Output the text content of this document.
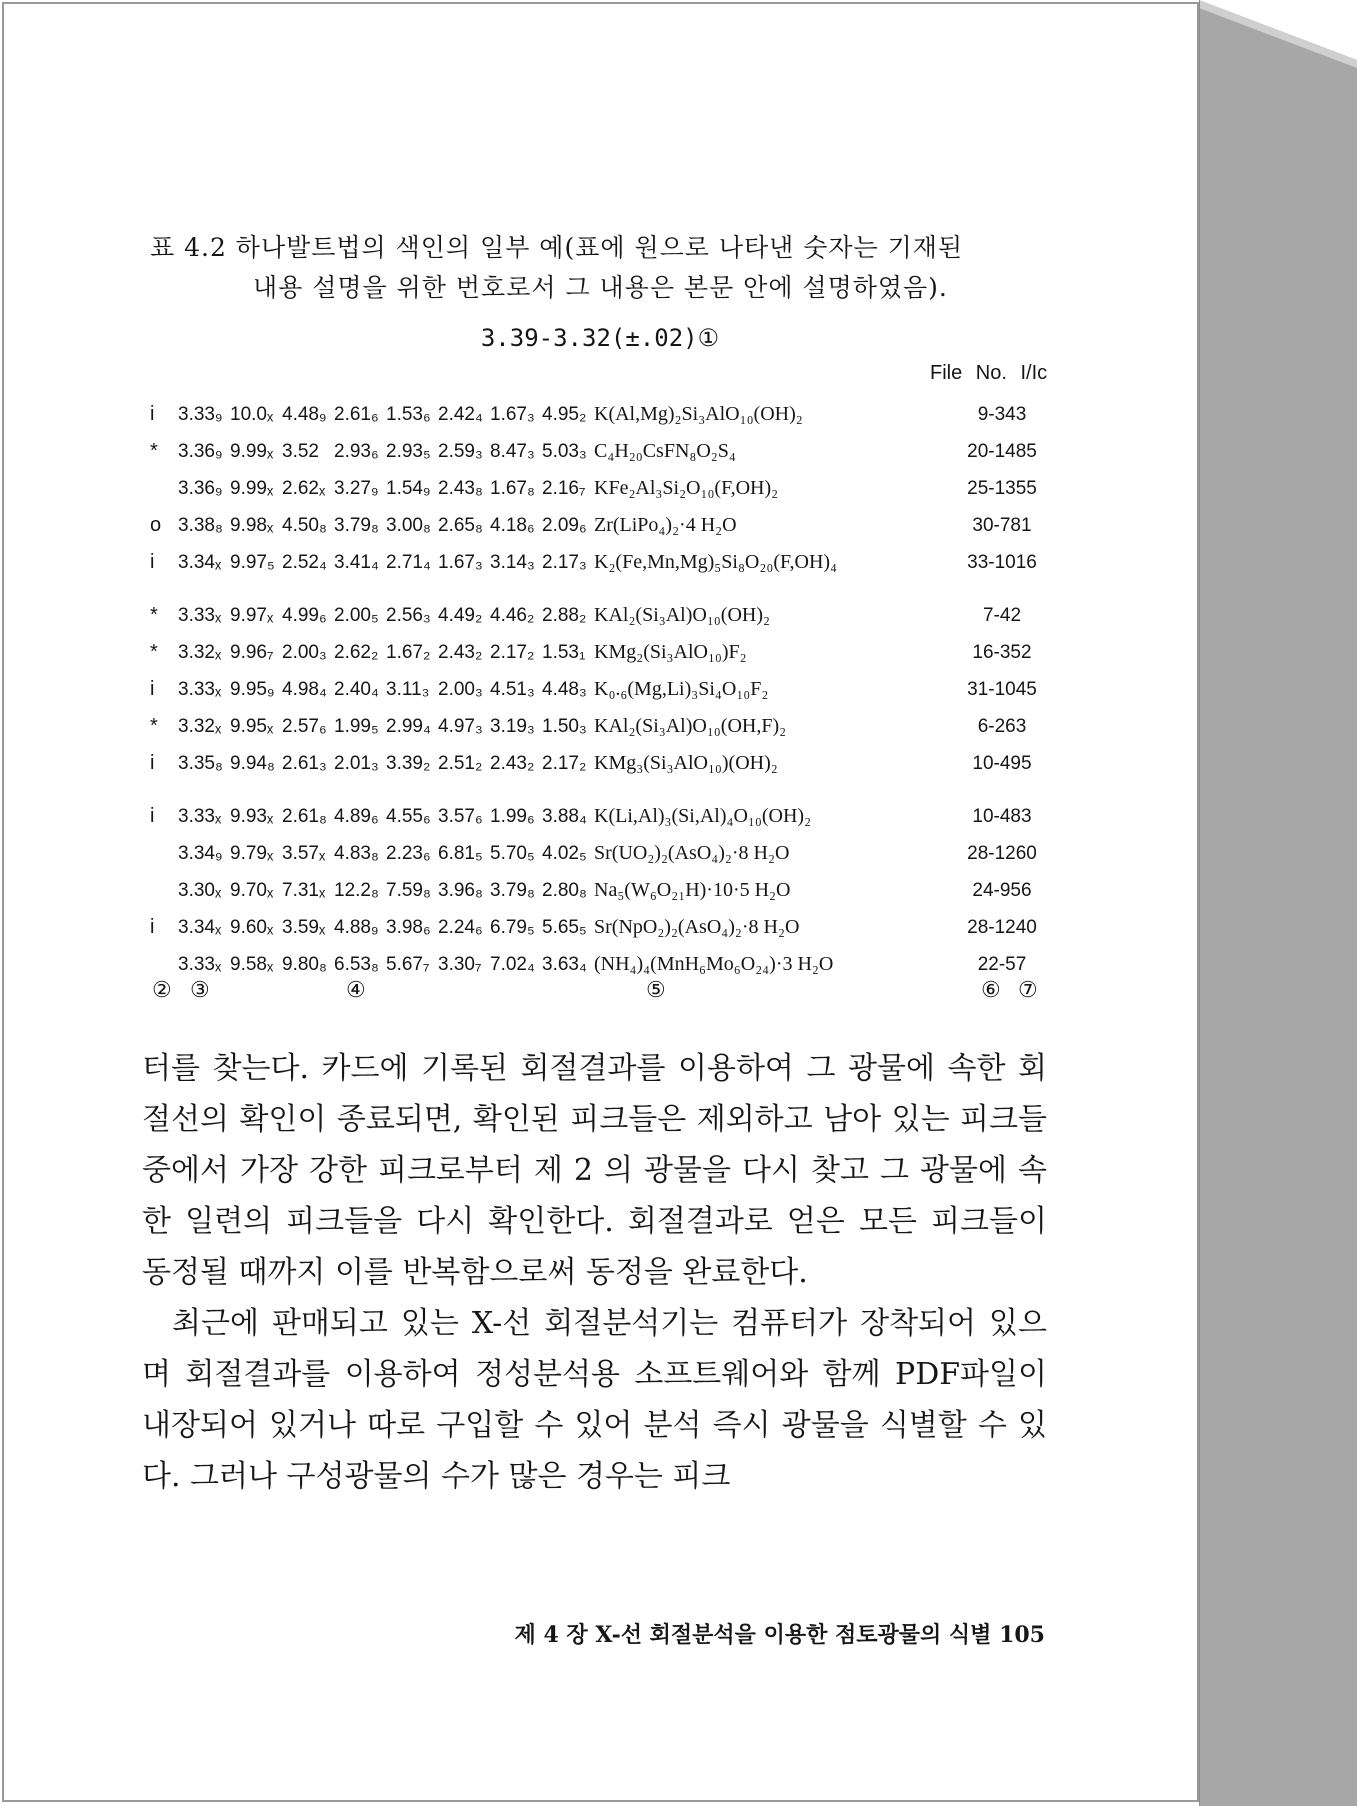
표 4.2 하나발트법의 색인의 일부 예(표에 원으로 나타낸 숫자는 기재된
내용 설명을 위한 번호로서 그 내용은 본문 안에 설명하였음).
3.39-3.32(±.02)①
File No. I/Ic
i	3.33₉	10.0ₓ	4.48₉	2.61₆	1.53₆	2.42₄	1.67₃	4.95₂	K(Al,Mg)₂Si₃AlO₁₀(OH)₂	9-343
*	3.36₉	9.99ₓ	3.52	2.93₆	2.93₅	2.59₃	8.47₃	5.03₃	C₄H₂₀CsFN₈O₂S₄	20-1485
	3.36₉	9.99ₓ	2.62ₓ	3.27₉	1.54₉	2.43₈	1.67₈	2.16₇	KFe₂Al₃Si₂O₁₀(F,OH)₂	25-1355
o	3.38₈	9.98ₓ	4.50₈	3.79₈	3.00₈	2.65₈	4.18₆	2.09₆	Zr(LiPo₄)₂·4 H₂O	30-781
i	3.34ₓ	9.97₅	2.52₄	3.41₄	2.71₄	1.67₃	3.14₃	2.17₃	K₂(Fe,Mn,Mg)₅Si₈O₂₀(F,OH)₄	33-1016

*	3.33ₓ	9.97ₓ	4.99₆	2.00₅	2.56₃	4.49₂	4.46₂	2.88₂	KAl₂(Si₃Al)O₁₀(OH)₂	7-42
*	3.32ₓ	9.96₇	2.00₃	2.62₂	1.67₂	2.43₂	2.17₂	1.53₁	KMg₂(Si₃AlO₁₀)F₂	16-352
i	3.33ₓ	9.95₉	4.98₄	2.40₄	3.11₃	2.00₃	4.51₃	4.48₃	K₀.₆(Mg,Li)₃Si₄O₁₀F₂	31-1045
*	3.32ₓ	9.95ₓ	2.57₆	1.99₅	2.99₄	4.97₃	3.19₃	1.50₃	KAl₂(Si₃Al)O₁₀(OH,F)₂	6-263
i	3.35₈	9.94₈	2.61₃	2.01₃	3.39₂	2.51₂	2.43₂	2.17₂	KMg₃(Si₃AlO₁₀)(OH)₂	10-495

i	3.33ₓ	9.93ₓ	2.61₈	4.89₆	4.55₆	3.57₆	1.99₆	3.88₄	K(Li,Al)₃(Si,Al)₄O₁₀(OH)₂	10-483
	3.34₉	9.79ₓ	3.57ₓ	4.83₈	2.23₆	6.81₅	5.70₅	4.02₅	Sr(UO₂)₂(AsO₄)₂·8 H₂O	28-1260
	3.30ₓ	9.70ₓ	7.31ₓ	12.2₈	7.59₈	3.96₈	3.79₈	2.80₈	Na₅(W₆O₂₁H)·10·5 H₂O	24-956
i	3.34ₓ	9.60ₓ	3.59ₓ	4.88₉	3.98₆	2.24₆	6.79₅	5.65₅	Sr(NpO₂)₂(AsO₄)₂·8 H₂O	28-1240
	3.33ₓ	9.58ₓ	9.80₈	6.53₈	5.67₇	3.30₇	7.02₄	3.63₄	(NH₄)₄(MnH₆Mo₆O₂₄)·3 H₂O	22-57
② ③	④	⑤	⑥ ⑦

터를 찾는다. 카드에 기록된 회절결과를 이용하여 그 광물에 속한 회절선의 확인이 종료되면, 확인된 피크들은 제외하고 남아 있는 피크들 중에서 가장 강한 피크로부터 제 2 의 광물을 다시 찾고 그 광물에 속한 일련의 피크들을 다시 확인한다. 회절결과로 얻은 모든 피크들이 동정될 때까지 이를 반복함으로써 동정을 완료한다.

최근에 판매되고 있는 X-선 회절분석기는 컴퓨터가 장착되어 있으며 회절결과를 이용하여 정성분석용 소프트웨어와 함께 PDF파일이 내장되어 있거나 따로 구입할 수 있어 분석 즉시 광물을 식별할 수 있다. 그러나 구성광물의 수가 많은 경우는 피크

제 4 장 X-선 회절분석을 이용한 점토광물의 식별 105
